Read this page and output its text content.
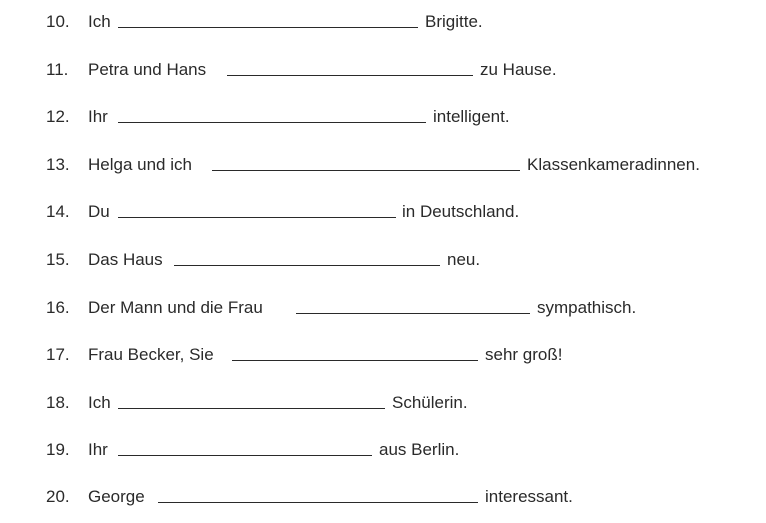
10.	Ich	Brigitte.
11.	Petra und Hans	zu Hause.
12.	Ihr	intelligent.
13.	Helga und ich	Klassenkameradinnen.
14.	Du	in Deutschland.
15.	Das Haus	neu.
16.	Der Mann und die Frau	sympathisch.
17.	Frau Becker, Sie	sehr groß!
18.	Ich	Schülerin.
19.	Ihr	aus Berlin.
20.	George	interessant.
